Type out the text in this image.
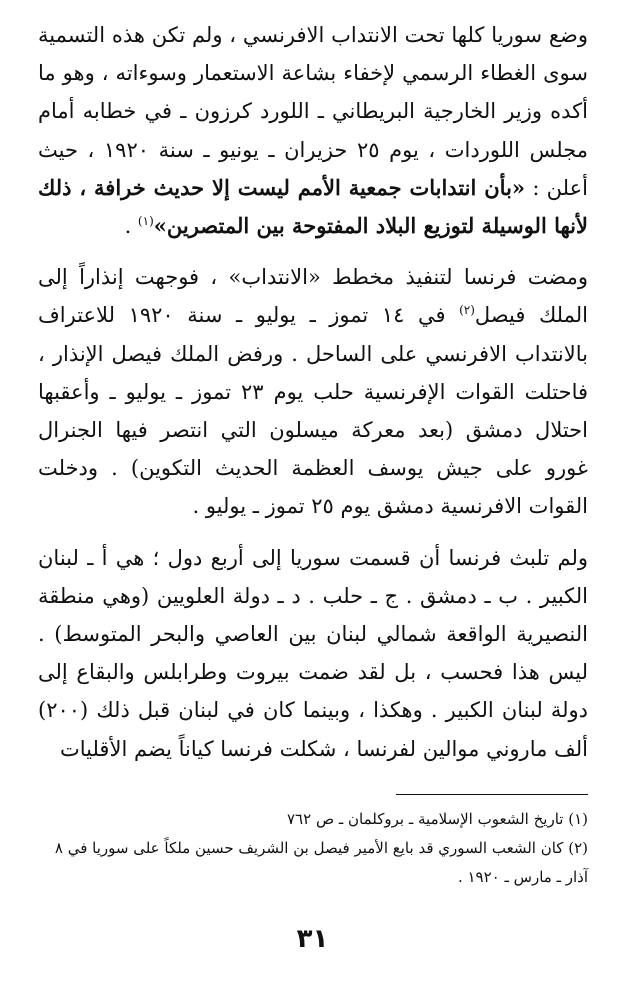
وضع سوريا كلها تحت الانتداب الافرنسي ، ولم تكن هذه التسمية سوى الغطاء الرسمي لإخفاء بشاعة الاستعمار وسوءاته ، وهو ما أكده وزير الخارجية البريطاني ـ اللورد كرزون ـ في خطابه أمام مجلس اللوردات ، يوم ٢٥ حزيران ـ يونيو ـ سنة ١٩٢٠ ، حيث أعلن : «بأن انتدابات جمعية الأمم ليست إلا حديث خرافة ، ذلك لأنها الوسيلة لتوزيع البلاد المفتوحة بين المتصرين»$^{(١)}$ .

ومضت فرنسا لتنفيذ مخطط «الانتداب» ، فوجهت إنذاراً إلى الملك فيصل$^{(٢)}$ في ١٤ تموز ـ يوليو ـ سنة ١٩٢٠ للاعتراف بالانتداب الافرنسي على الساحل . ورفض الملك فيصل الإنذار ، فاحتلت القوات الإفرنسية حلب يوم ٢٣ تموز ـ يوليو ـ وأعقبها احتلال دمشق (بعد معركة ميسلون التي انتصر فيها الجنرال غورو على جيش يوسف العظمة الحديث التكوين) . ودخلت القوات الافرنسية دمشق يوم ٢٥ تموز ـ يوليو .

ولم تلبث فرنسا أن قسمت سوريا إلى أربع دول ؛ هي أ ـ لبنان الكبير . ب ـ دمشق . ج ـ حلب . د ـ دولة العلويين (وهي منطقة النصيرية الواقعة شمالي لبنان بين العاصي والبحر المتوسط) . ليس هذا فحسب ، بل لقد ضمت بيروت وطرابلس والبقاع إلى دولة لبنان الكبير . وهكذا ، وبينما كان في لبنان قبل ذلك (٢٠٠) ألف ماروني موالين لفرنسا ، شكلت فرنسا كياناً يضم الأقليات

(١) تاريخ الشعوب الإسلامية ـ بروكلمان ـ ص ٧٦٢

(٢) كان الشعب السوري قد بايع الأمير فيصل بن الشريف حسين ملكاً على سوريا في ٨ آذار ـ مارس ـ ١٩٢٠ .

٣١
